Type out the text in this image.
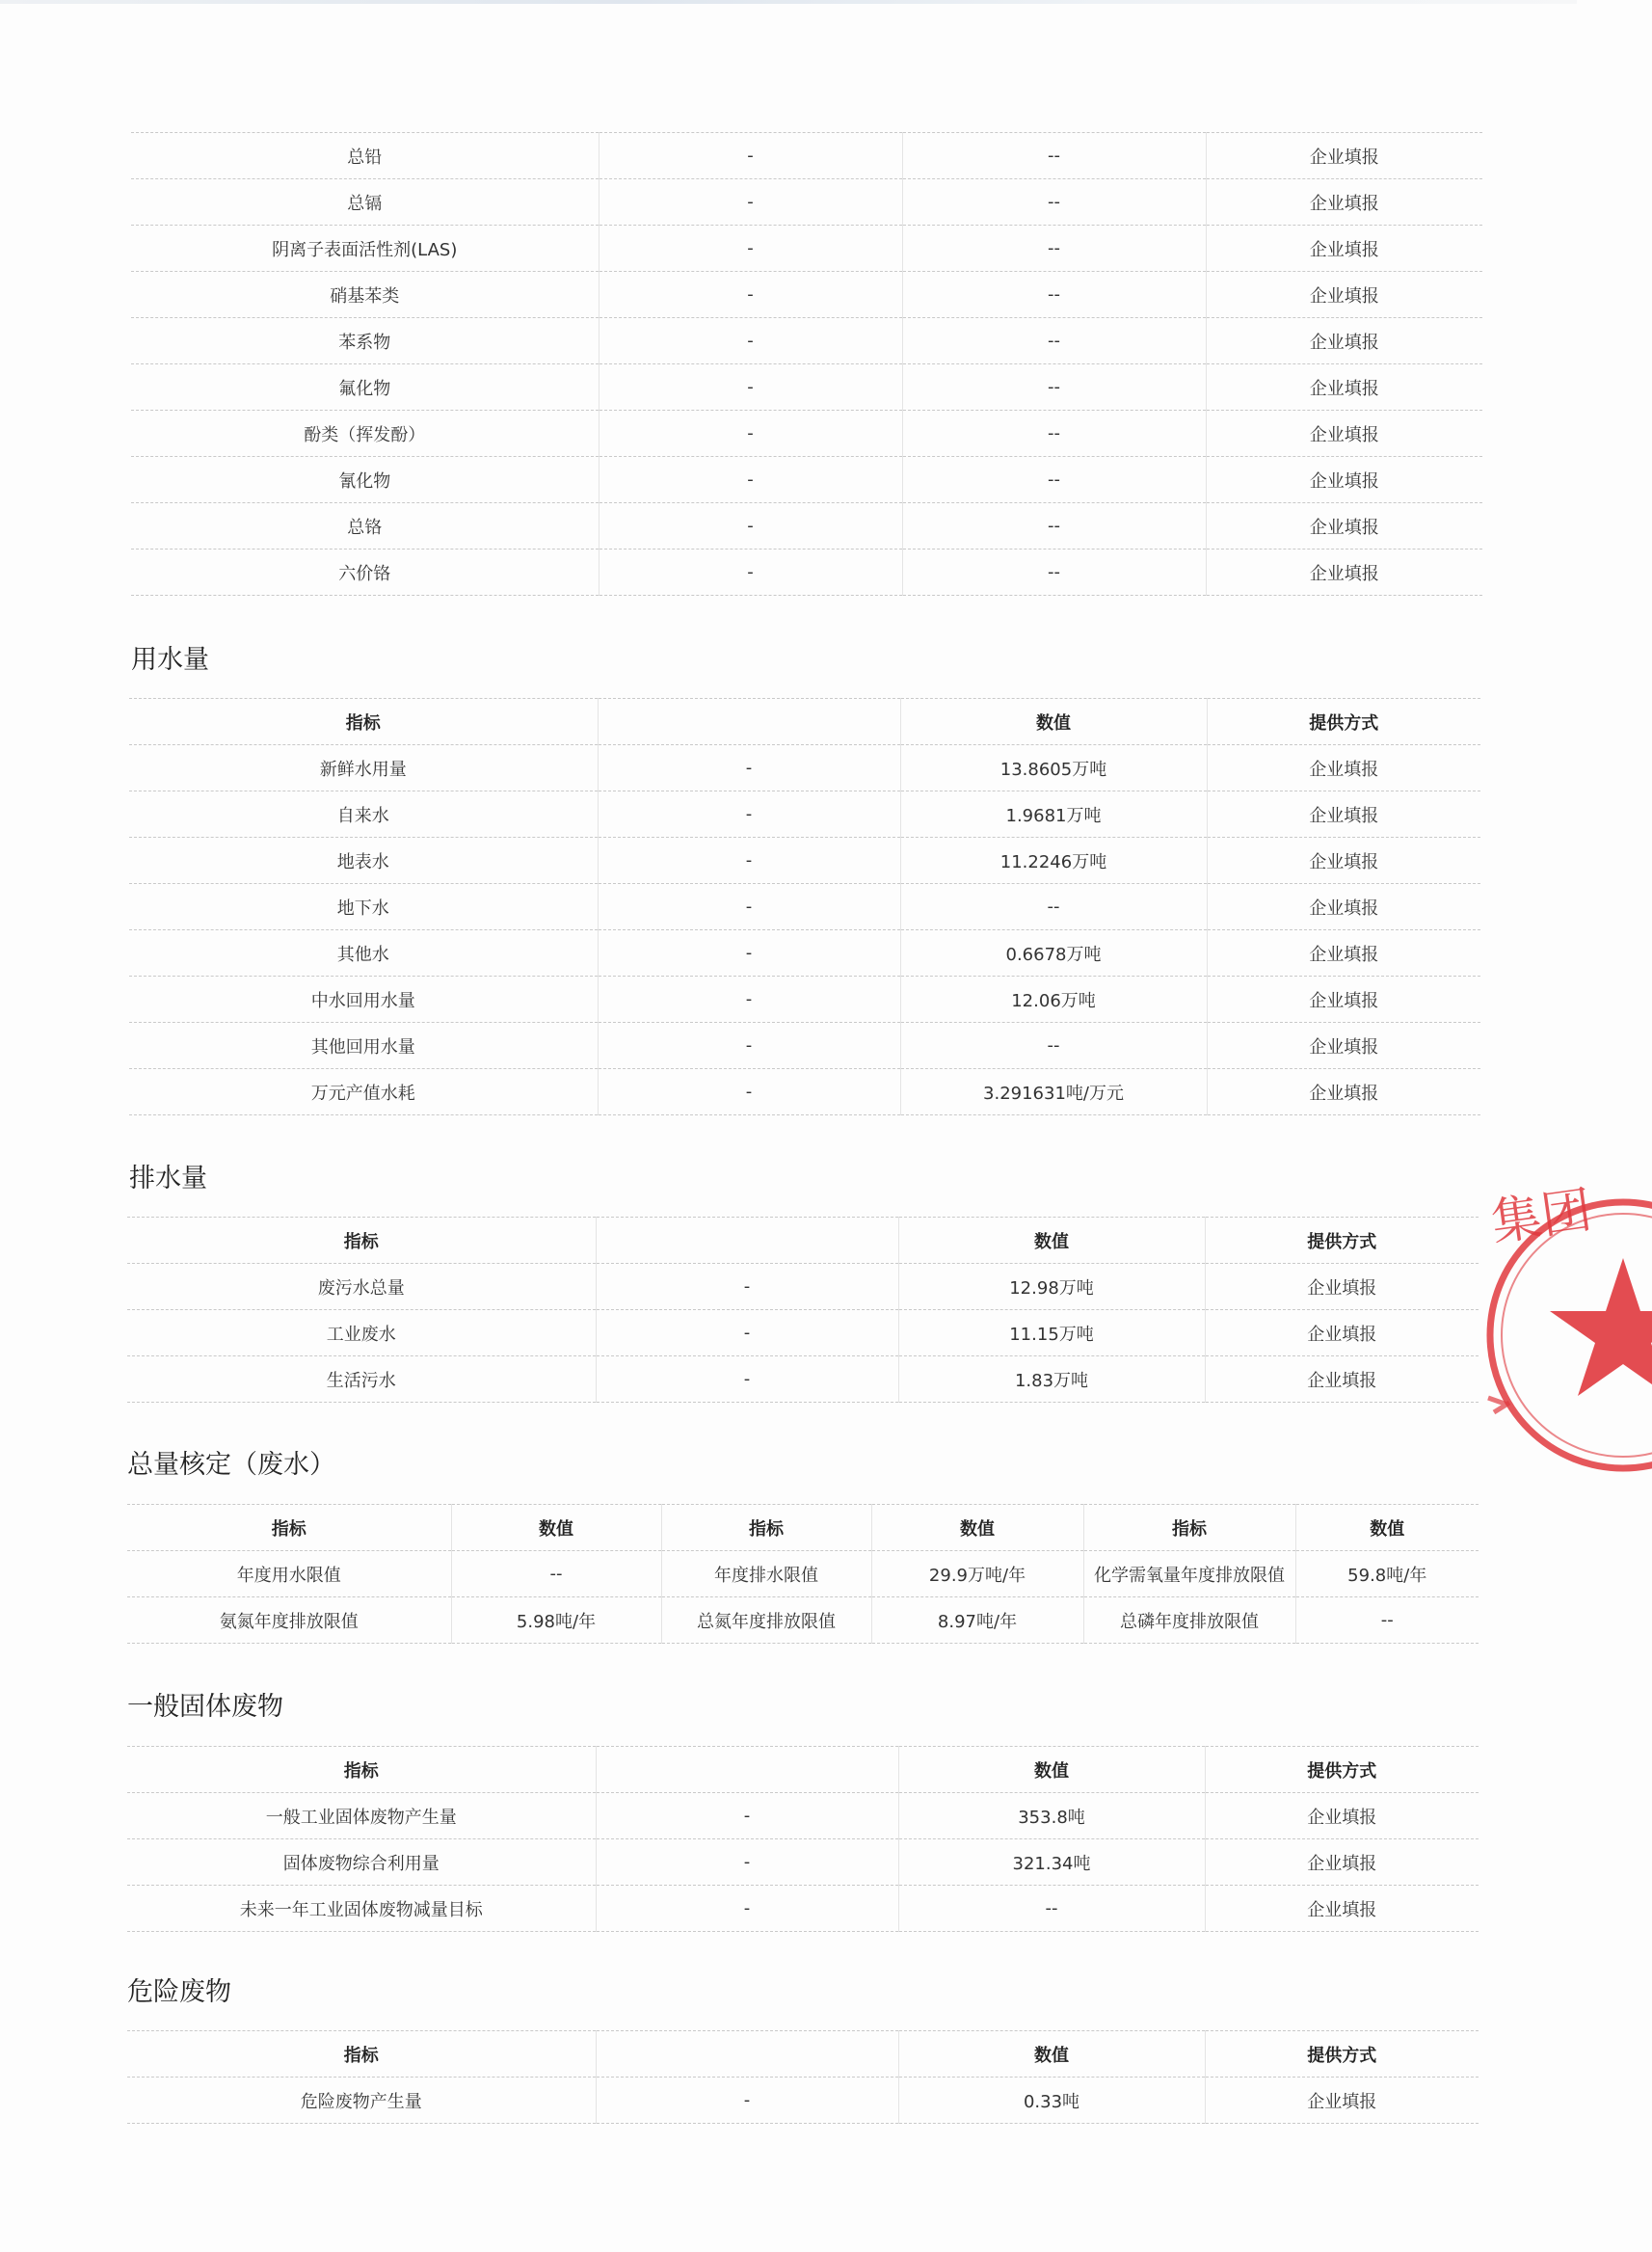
总铅	-	--	企业填报
总镉	-	--	企业填报
阴离子表面活性剂(LAS)	-	--	企业填报
硝基苯类	-	--	企业填报
苯系物	-	--	企业填报
氟化物	-	--	企业填报
酚类（挥发酚）	-	--	企业填报
氰化物	-	--	企业填报
总铬	-	--	企业填报
六价铬	-	--	企业填报
用水量
指标		数值	提供方式
新鲜水用量	-	13.8605万吨	企业填报
自来水	-	1.9681万吨	企业填报
地表水	-	11.2246万吨	企业填报
地下水	-	--	企业填报
其他水	-	0.6678万吨	企业填报
中水回用水量	-	12.06万吨	企业填报
其他回用水量	-	--	企业填报
万元产值水耗	-	3.291631吨/万元	企业填报
排水量
指标		数值	提供方式
废污水总量	-	12.98万吨	企业填报
工业废水	-	11.15万吨	企业填报
生活污水	-	1.83万吨	企业填报
总量核定（废水）
指标	数值	指标	数值	指标	数值
年度用水限值	--	年度排水限值	29.9万吨/年	化学需氧量年度排放限值	59.8吨/年
氨氮年度排放限值	5.98吨/年	总氮年度排放限值	8.97吨/年	总磷年度排放限值	--
一般固体废物
指标		数值	提供方式
一般工业固体废物产生量	-	353.8吨	企业填报
固体废物综合利用量	-	321.34吨	企业填报
未来一年工业固体废物减量目标	-	--	企业填报
危险废物
指标		数值	提供方式
危险废物产生量	-	0.33吨	企业填报
集团
